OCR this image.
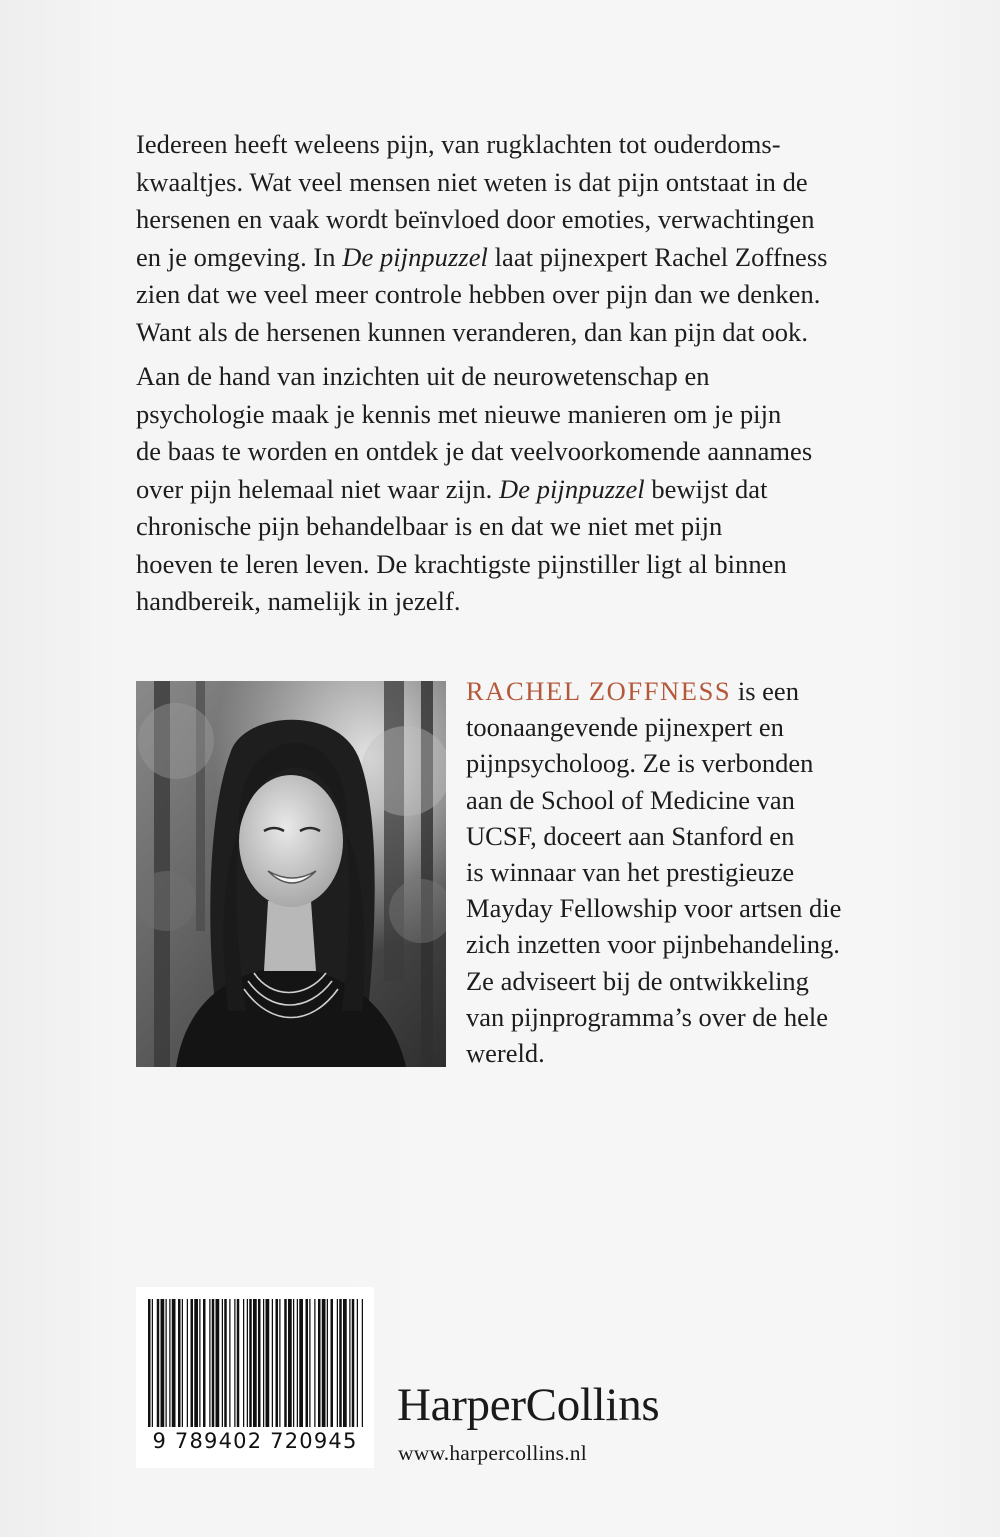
Iedereen heeft weleens pijn, van rugklachten tot ouderdoms-
kwaaltjes. Wat veel mensen niet weten is dat pijn ontstaat in de
hersenen en vaak wordt beïnvloed door emoties, verwachtingen
en je omgeving. In De pijnpuzzel laat pijnexpert Rachel Zoffness
zien dat we veel meer controle hebben over pijn dan we denken.
Want als de hersenen kunnen veranderen, dan kan pijn dat ook.

Aan de hand van inzichten uit de neurowetenschap en
psychologie maak je kennis met nieuwe manieren om je pijn
de baas te worden en ontdek je dat veelvoorkomende aannames
over pijn helemaal niet waar zijn. De pijnpuzzel bewijst dat
chronische pijn behandelbaar is en dat we niet met pijn
hoeven te leren leven. De krachtigste pijnstiller ligt al binnen
handbereik, namelijk in jezelf.

RACHEL ZOFFNESS is een
toonaangevende pijnexpert en
pijnpsycholoog. Ze is verbonden
aan de School of Medicine van
UCSF, doceert aan Stanford en
is winnaar van het prestigieuze
Mayday Fellowship voor artsen die
zich inzetten voor pijnbehandeling.
Ze adviseert bij de ontwikkeling
van pijnprogramma’s over de hele
wereld.

9 789402 720945
HarperCollins
www.harpercollins.nl
